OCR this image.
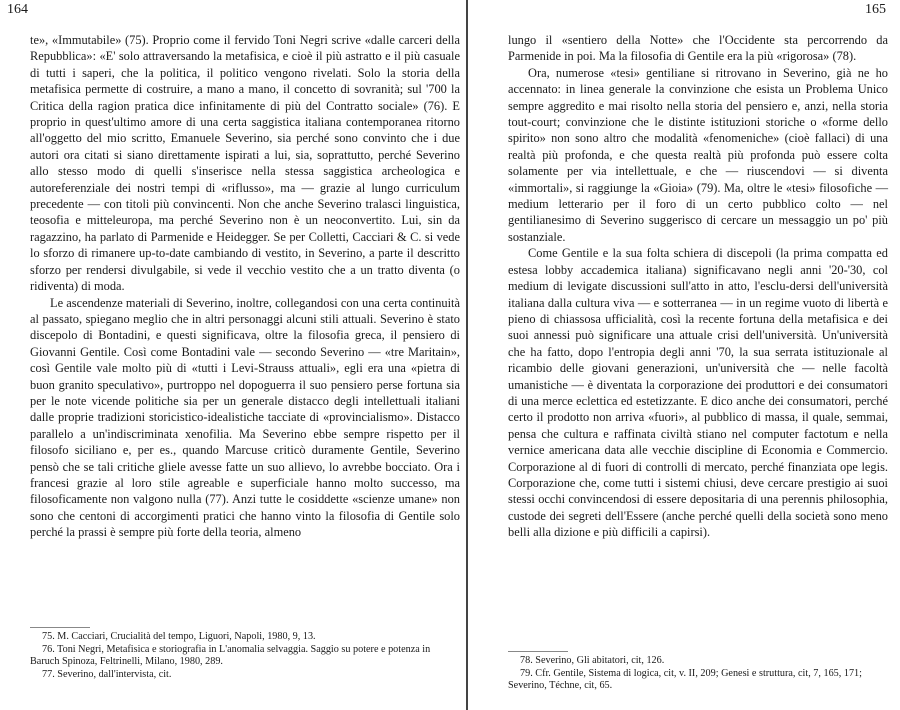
164

te», «Immutabile» (75). Proprio come il fervido Toni Negri scrive «dalle carceri della Repubblica»: «E' solo attraversando la metafisica, e cioè il più astratto e il più casuale di tutti i saperi, che la politica, il politico vengono rivelati. Solo la storia della metafisica permette di costruire, a mano a mano, il concetto di sovranità; sul '700 la Critica della ragion pratica dice infinitamente di più del Contratto sociale» (76). E proprio in quest'ultimo amore di una certa saggistica italiana contemporanea ritorno all'oggetto del mio scritto, Emanuele Severino, sia perché sono convinto che i due autori ora citati si siano direttamente ispirati a lui, sia, soprattutto, perché Severino allo stesso modo di quelli s'inserisce nella stessa saggistica archeologica e autoreferenziale dei nostri tempi di «riflusso», ma — grazie al lungo curriculum precedente — con titoli più convincenti. Non che anche Severino tralasci linguistica, teosofia e mitteleuropa, ma perché Severino non è un neoconvertito. Lui, sin da ragazzino, ha parlato di Parmenide e Heidegger. Se per Colletti, Cacciari & C. si vede lo sforzo di rimanere up-to-date cambiando di vestito, in Severino, a parte il descritto sforzo per rendersi divulgabile, si vede il vecchio vestito che a un tratto diventa (o ridiventa) di moda.

Le ascendenze materiali di Severino, inoltre, collegandosi con una certa continuità al passato, spiegano meglio che in altri personaggi alcuni stili attuali. Severino è stato discepolo di Bontadini, e questi significava, oltre la filosofia greca, il pensiero di Giovanni Gentile. Così come Bontadini vale — secondo Severino — «tre Maritain», così Gentile vale molto più di «tutti i Levi-Strauss attuali», egli era una «pietra di buon granito speculativo», purtroppo nel dopoguerra il suo pensiero perse fortuna sia per le note vicende politiche sia per un generale distacco degli intellettuali italiani dalle proprie tradizioni storicistico-idealistiche tacciate di «provincialismo». Distacco parallelo a un'indiscriminata xenofilia. Ma Severino ebbe sempre rispetto per il filosofo siciliano e, per es., quando Marcuse criticò duramente Gentile, Severino pensò che se tali critiche gliele avesse fatte un suo allievo, lo avrebbe bocciato. Ora i francesi grazie al loro stile agreable e superficiale hanno molto successo, ma filosoficamente non valgono nulla (77). Anzi tutte le cosiddette «scienze umane» non sono che centoni di accorgimenti pratici che hanno vinto la filosofia di Gentile solo perché la prassi è sempre più forte della teoria, almeno

75. M. Cacciari, Crucialità del tempo, Liguori, Napoli, 1980, 9, 13.

76. Toni Negri, Metafisica e storiografia in L'anomalia selvaggia. Saggio su potere e potenza in Baruch Spinoza, Feltrinelli, Milano, 1980, 289.

77. Severino, dall'intervista, cit.

165

lungo il «sentiero della Notte» che l'Occidente sta percorrendo da Parmenide in poi. Ma la filosofia di Gentile era la più «rigorosa» (78).

Ora, numerose «tesi» gentiliane si ritrovano in Severino, già ne ho accennato: in linea generale la convinzione che esista un Problema Unico sempre aggredito e mai risolto nella storia del pensiero e, anzi, nella storia tout-court; convinzione che le distinte istituzioni storiche o «forme dello spirito» non sono altro che modalità «fenomeniche» (cioè fallaci) di una realtà più profonda, e che questa realtà più profonda può essere colta solamente per via intellettuale, e che — riuscendovi — si diventa «immortali», si raggiunge la «Gioia» (79). Ma, oltre le «tesi» filosofiche — medium letterario per il foro di un certo pubblico colto — nel gentilianesimo di Severino suggerisco di cercare un messaggio un po' più sostanziale.

Come Gentile e la sua folta schiera di discepoli (la prima compatta ed estesa lobby accademica italiana) significavano negli anni '20-'30, col medium di levigate discussioni sull'atto in atto, l'esclu-dersi dell'università italiana dalla cultura viva — e sotterranea — in un regime vuoto di libertà e pieno di chiassosa ufficialità, così la recente fortuna della metafisica e dei suoi annessi può significare una attuale crisi dell'università. Un'università che ha fatto, dopo l'entropia degli anni '70, la sua serrata istituzionale al ricambio delle giovani generazioni, un'università che — nelle facoltà umanistiche — è diventata la corporazione dei produttori e dei consumatori di una merce eclettica ed estetizzante. E dico anche dei consumatori, perché certo il prodotto non arriva «fuori», al pubblico di massa, il quale, semmai, pensa che cultura e raffinata civiltà stiano nel computer factotum e nella vernice americana data alle vecchie discipline di Economia e Commercio. Corporazione al di fuori di controlli di mercato, perché finanziata ope legis. Corporazione che, come tutti i sistemi chiusi, deve cercare prestigio ai suoi stessi occhi convincendosi di essere depositaria di una perennis philosophia, custode dei segreti dell'Essere (anche perché quelli della società sono meno belli alla dizione e più difficili a capirsi).

78. Severino, Gli abitatori, cit, 126.

79. Cfr. Gentile, Sistema di logica, cit, v. II, 209; Genesi e struttura, cit, 7, 165, 171; Severino, Téchne, cit, 65.
